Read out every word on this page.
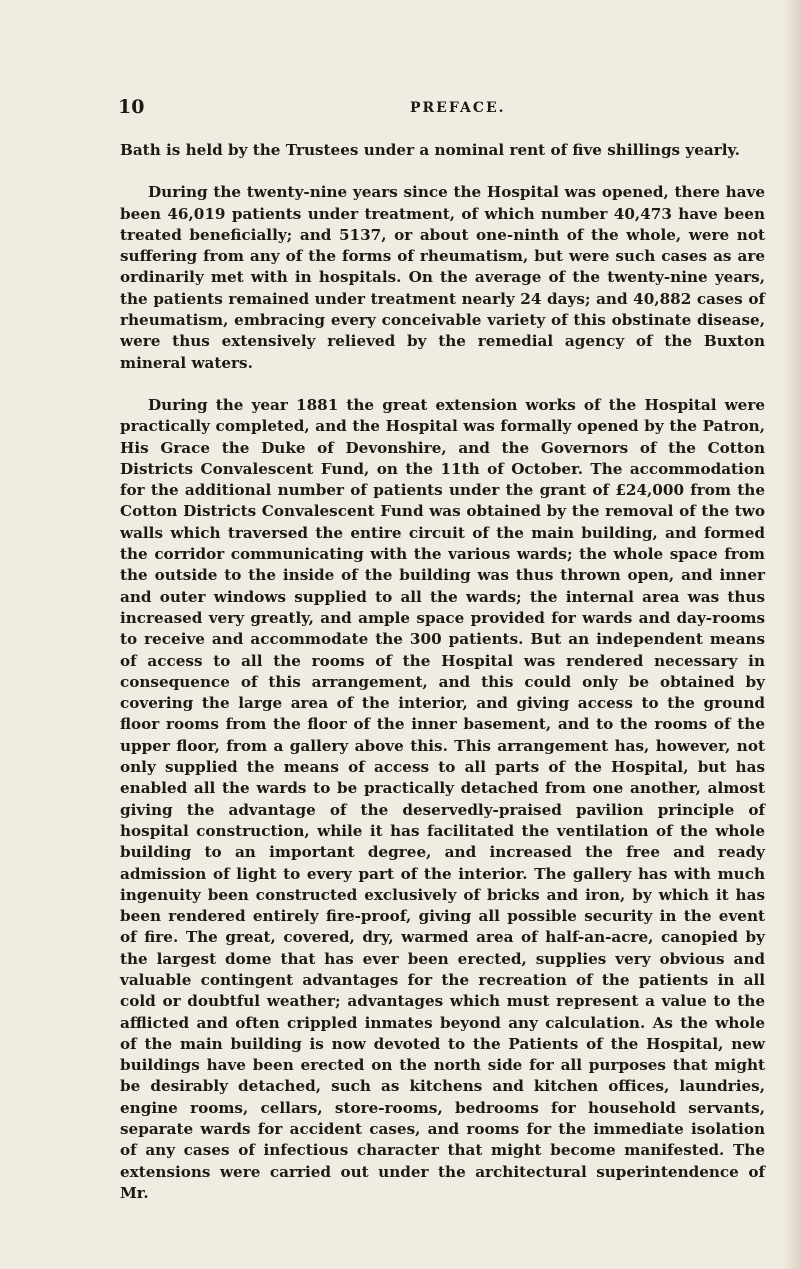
10	PREFACE.

Bath is held by the Trustees under a nominal rent of five shillings yearly.

During the twenty-nine years since the Hospital was opened, there have been 46,019 patients under treatment, of which number 40,473 have been treated beneficially; and 5137, or about one-ninth of the whole, were not suffering from any of the forms of rheumatism, but were such cases as are ordinarily met with in hospitals. On the average of the twenty-nine years, the patients remained under treatment nearly 24 days; and 40,882 cases of rheumatism, embracing every conceivable variety of this obstinate disease, were thus extensively relieved by the remedial agency of the Buxton mineral waters.

During the year 1881 the great extension works of the Hospital were practically completed, and the Hospital was formally opened by the Patron, His Grace the Duke of Devonshire, and the Governors of the Cotton Districts Convalescent Fund, on the 11th of October. The accommodation for the additional number of patients under the grant of £24,000 from the Cotton Districts Convalescent Fund was obtained by the removal of the two walls which traversed the entire circuit of the main building, and formed the corridor communicating with the various wards; the whole space from the outside to the inside of the building was thus thrown open, and inner and outer windows supplied to all the wards; the internal area was thus increased very greatly, and ample space provided for wards and day-rooms to receive and accommodate the 300 patients. But an independent means of access to all the rooms of the Hospital was rendered necessary in consequence of this arrangement, and this could only be obtained by covering the large area of the interior, and giving access to the ground floor rooms from the floor of the inner basement, and to the rooms of the upper floor, from a gallery above this. This arrangement has, however, not only supplied the means of access to all parts of the Hospital, but has enabled all the wards to be practically detached from one another, almost giving the advantage of the deservedly-praised pavilion principle of hospital construction, while it has facilitated the ventilation of the whole building to an important degree, and increased the free and ready admission of light to every part of the interior. The gallery has with much ingenuity been constructed exclusively of bricks and iron, by which it has been rendered entirely fire-proof, giving all possible security in the event of fire. The great, covered, dry, warmed area of half-an-acre, canopied by the largest dome that has ever been erected, supplies very obvious and valuable contingent advantages for the recreation of the patients in all cold or doubtful weather; advantages which must represent a value to the afflicted and often crippled inmates beyond any calculation. As the whole of the main building is now devoted to the Patients of the Hospital, new buildings have been erected on the north side for all purposes that might be desirably detached, such as kitchens and kitchen offices, laundries, engine rooms, cellars, store-rooms, bedrooms for household servants, separate wards for accident cases, and rooms for the immediate isolation of any cases of infectious character that might become manifested. The extensions were carried out under the architectural superintendence of Mr.
